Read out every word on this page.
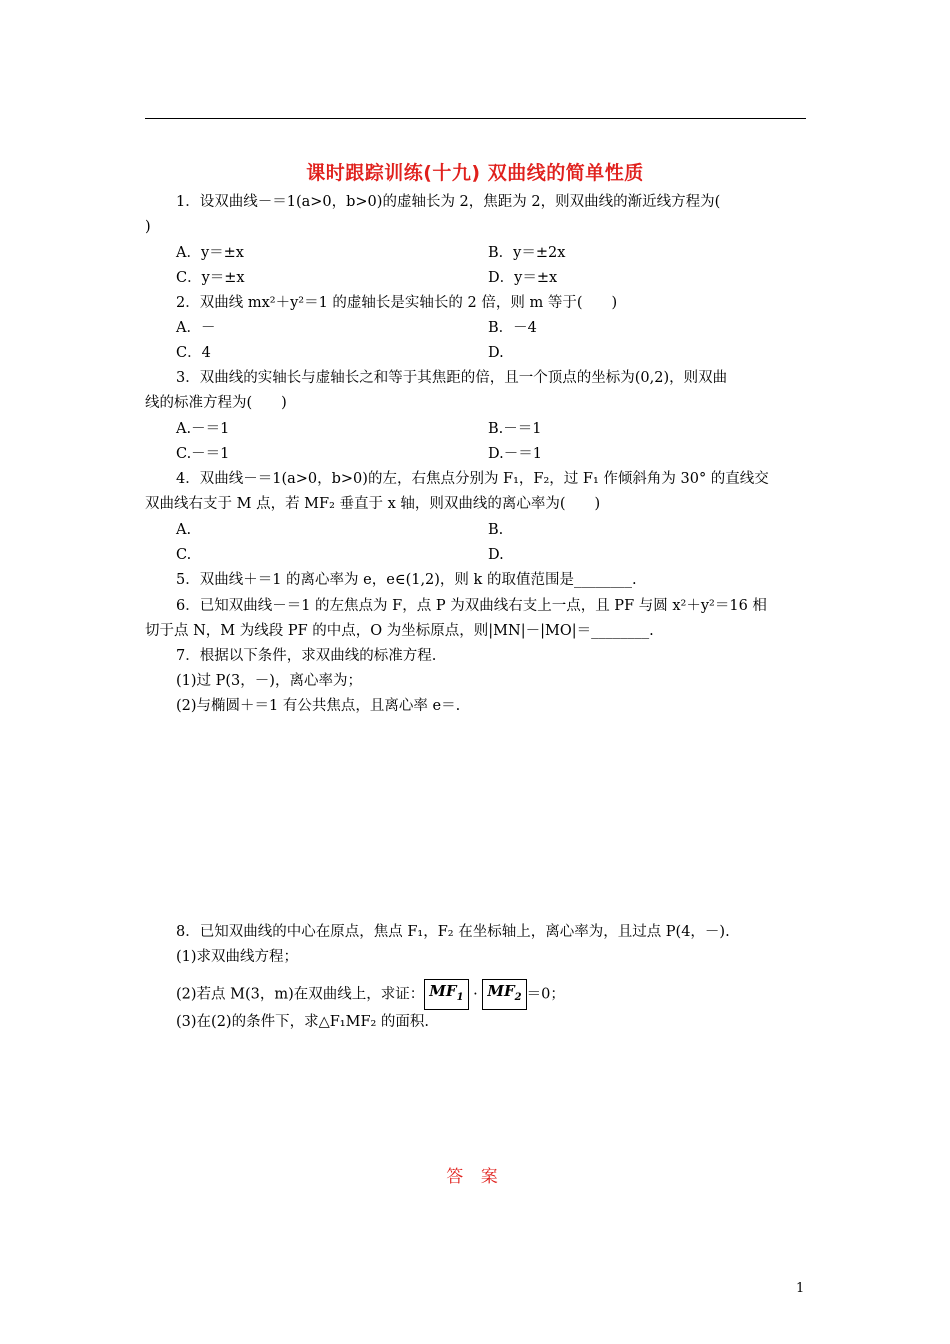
课时跟踪训练(十九) 双曲线的简单性质
1．设双曲线－＝1(a>0，b>0)的虚轴长为 2，焦距为 2，则双曲线的渐近线方程为(
)
A．y＝±x	B．y＝±2x
C．y＝±x	D．y＝±x
2．双曲线 mx²＋y²＝1 的虚轴长是实轴长的 2 倍，则 m 等于(　　)
A．－	B．－4
C．4	D.
3．双曲线的实轴长与虚轴长之和等于其焦距的倍，且一个顶点的坐标为(0,2)，则双曲
线的标准方程为(　　)
A.－＝1	B.－＝1
C.－＝1	D.－＝1
4．双曲线－＝1(a>0，b>0)的左，右焦点分别为 F₁，F₂，过 F₁ 作倾斜角为 30° 的直线交
双曲线右支于 M 点，若 MF₂ 垂直于 x 轴，则双曲线的离心率为(　　)
A.	B.
C.	D.
5．双曲线＋＝1 的离心率为 e，e∈(1,2)，则 k 的取值范围是________.
6．已知双曲线－＝1 的左焦点为 F，点 P 为双曲线右支上一点，且 PF 与圆 x²＋y²＝16 相
切于点 N，M 为线段 PF 的中点，O 为坐标原点，则|MN|－|MO|＝________.
7．根据以下条件，求双曲线的标准方程.
(1)过 P(3，－)，离心率为；
(2)与椭圆＋＝1 有公共焦点，且离心率 e＝.
8．已知双曲线的中心在原点，焦点 F₁，F₂ 在坐标轴上，离心率为，且过点 P(4，－).
(1)求双曲线方程；
(2)若点 M(3，m)在双曲线上，求证： $MF_1 \cdot MF_2 =0$；
(3)在(2)的条件下，求△F₁MF₂ 的面积.
答 案
1
